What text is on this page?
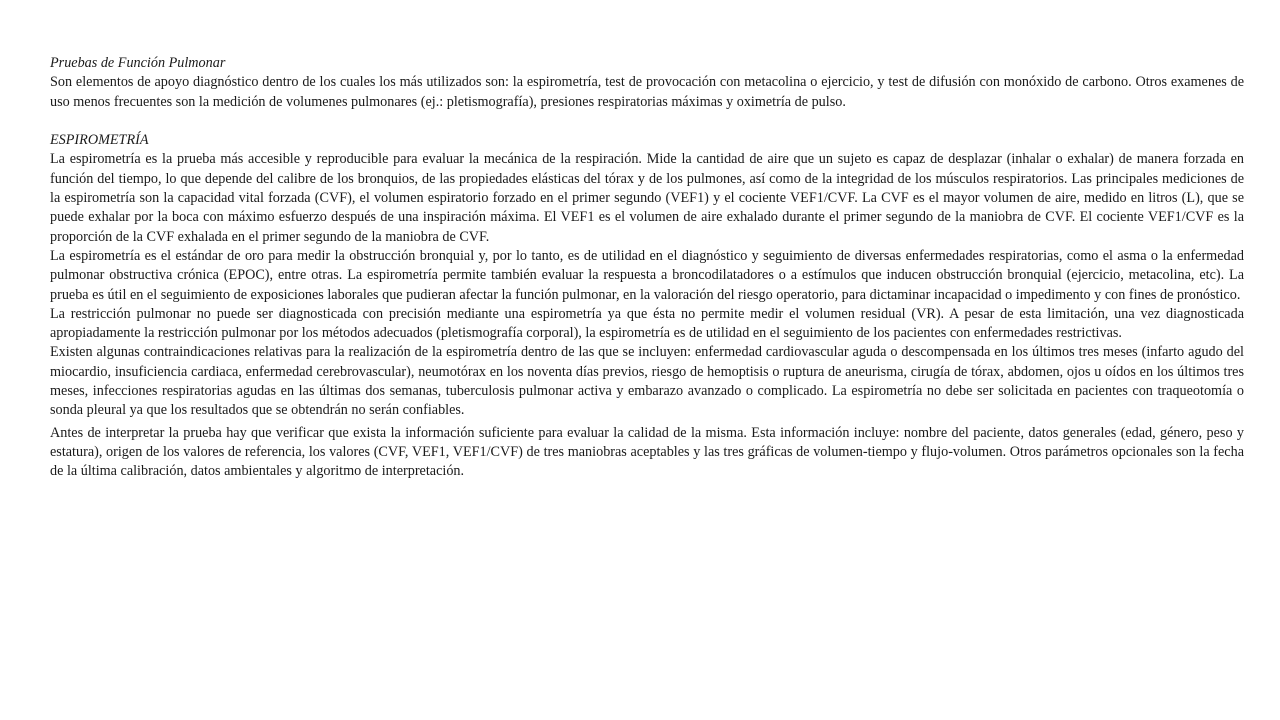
Pruebas de Función Pulmonar

Son elementos de apoyo diagnóstico dentro de los cuales los más utilizados son: la espirometría, test de provocación con metacolina o ejercicio, y test de difusión con monóxido de carbono. Otros examenes de uso menos frecuentes son la medición de volumenes pulmonares (ej.: pletismografía), presiones respiratorias máximas y oximetría de pulso.

ESPIROMETRÍA

La espirometría es la prueba más accesible y reproducible para evaluar la mecánica de la respiración. Mide la cantidad de aire que un sujeto es capaz de desplazar (inhalar o exhalar) de manera forzada en función del tiempo, lo que depende del calibre de los bronquios, de las propiedades elásticas del tórax y de los pulmones, así como de la integridad de los músculos respiratorios. Las principales mediciones de la espirometría son la capacidad vital forzada (CVF), el volumen espiratorio forzado en el primer segundo (VEF1) y el cociente VEF1/CVF. La CVF es el mayor volumen de aire, medido en litros (L), que se puede exhalar por la boca con máximo esfuerzo después de una inspiración máxima. El VEF1 es el volumen de aire exhalado durante el primer segundo de la maniobra de CVF. El cociente VEF1/CVF es la proporción de la CVF exhalada en el primer segundo de la maniobra de CVF.

La espirometría es el estándar de oro para medir la obstrucción bronquial y, por lo tanto, es de utilidad en el diagnóstico y seguimiento de diversas enfermedades respiratorias, como el asma o la enfermedad pulmonar obstructiva crónica (EPOC), entre otras. La espirometría permite también evaluar la respuesta a broncodilatadores o a estímulos que inducen obstrucción bronquial (ejercicio, metacolina, etc). La prueba es útil en el seguimiento de exposiciones laborales que pudieran afectar la función pulmonar, en la valoración del riesgo operatorio, para dictaminar incapacidad o impedimento y con fines de pronóstico.

La restricción pulmonar no puede ser diagnosticada con precisión mediante una espirometría ya que ésta no permite medir el volumen residual (VR). A pesar de esta limitación, una vez diagnosticada apropiadamente la restricción pulmonar por los métodos adecuados (pletismografía corporal), la espirometría es de utilidad en el seguimiento de los pacientes con enfermedades restrictivas.

Existen algunas contraindicaciones relativas para la realización de la espirometría dentro de las que se incluyen: enfermedad cardiovascular aguda o descompensada en los últimos tres meses (infarto agudo del miocardio, insuficiencia cardiaca, enfermedad cerebrovascular), neumotórax en los noventa días previos, riesgo de hemoptisis o ruptura de aneurisma, cirugía de tórax, abdomen, ojos u oídos en los últimos tres meses, infecciones respiratorias agudas en las últimas dos semanas, tuberculosis pulmonar activa y embarazo avanzado o complicado. La espirometría no debe ser solicitada en pacientes con traqueotomía o sonda pleural ya que los resultados que se obtendrán no serán confiables.

Antes de interpretar la prueba hay que verificar que exista la información suficiente para evaluar la calidad de la misma. Esta información incluye: nombre del paciente, datos generales (edad, género, peso y estatura), origen de los valores de referencia, los valores (CVF, VEF1, VEF1/CVF) de tres maniobras aceptables y las tres gráficas de volumen-tiempo y flujo-volumen. Otros parámetros opcionales son la fecha de la última calibración, datos ambientales y algoritmo de interpretación.
